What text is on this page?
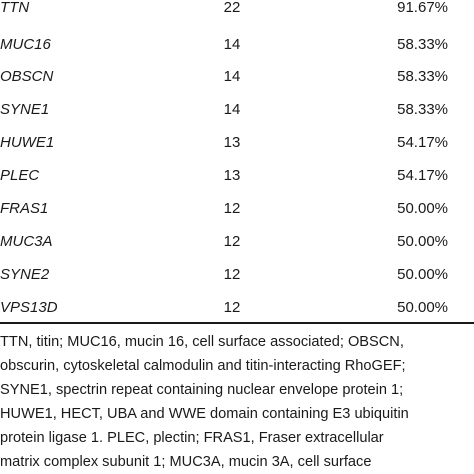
TTN	22	91.67%
MUC16	14	58.33%
OBSCN	14	58.33%
SYNE1	14	58.33%
HUWE1	13	54.17%
PLEC	13	54.17%
FRAS1	12	50.00%
MUC3A	12	50.00%
SYNE2	12	50.00%
VPS13D	12	50.00%
TTN, titin; MUC16, mucin 16, cell surface associated; OBSCN,
obscurin, cytoskeletal calmodulin and titin-interacting RhoGEF;
SYNE1, spectrin repeat containing nuclear envelope protein 1;
HUWE1, HECT, UBA and WWE domain containing E3 ubiquitin
protein ligase 1. PLEC, plectin; FRAS1, Fraser extracellular
matrix complex subunit 1; MUC3A, mucin 3A, cell surface
